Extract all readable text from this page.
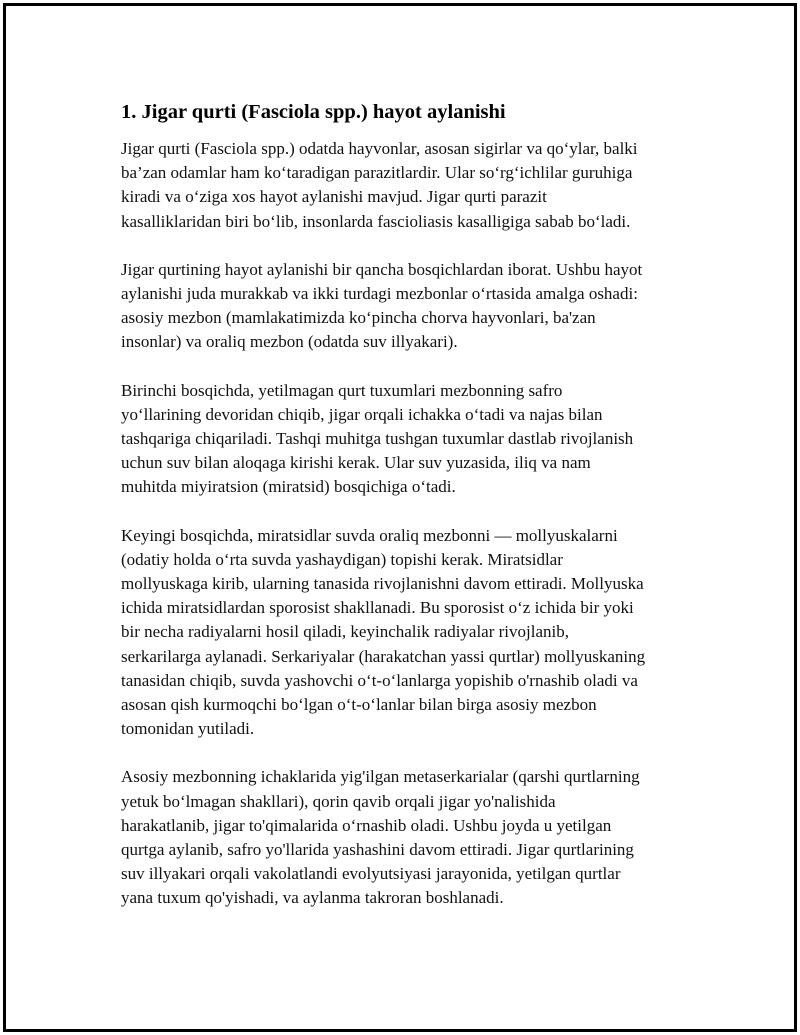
1. Jigar qurti (Fasciola spp.) hayot aylanishi

Jigar qurti (Fasciola spp.) odatda hayvonlar, asosan sigirlar va qo‘ylar, balki
ba’zan odamlar ham ko‘taradigan parazitlardir. Ular so‘rg‘ichlilar guruhiga
kiradi va o‘ziga xos hayot aylanishi mavjud. Jigar qurti parazit
kasalliklaridan biri bo‘lib, insonlarda fascioliasis kasalligiga sabab bo‘ladi.

Jigar qurtining hayot aylanishi bir qancha bosqichlardan iborat. Ushbu hayot
aylanishi juda murakkab va ikki turdagi mezbonlar o‘rtasida amalga oshadi:
asosiy mezbon (mamlakatimizda ko‘pincha chorva hayvonlari, ba'zan
insonlar) va oraliq mezbon (odatda suv illyakari).

Birinchi bosqichda, yetilmagan qurt tuxumlari mezbonning safro
yo‘llarining devoridan chiqib, jigar orqali ichakka o‘tadi va najas bilan
tashqariga chiqariladi. Tashqi muhitga tushgan tuxumlar dastlab rivojlanish
uchun suv bilan aloqaga kirishi kerak. Ular suv yuzasida, iliq va nam
muhitda miyiratsion (miratsid) bosqichiga o‘tadi.

Keyingi bosqichda, miratsidlar suvda oraliq mezbonni — mollyuskalarni
(odatiy holda o‘rta suvda yashaydigan) topishi kerak. Miratsidlar
mollyuskaga kirib, ularning tanasida rivojlanishni davom ettiradi. Mollyuska
ichida miratsidlardan sporosist shakllanadi. Bu sporosist o‘z ichida bir yoki
bir necha radiyalarni hosil qiladi, keyinchalik radiyalar rivojlanib,
serkarilarga aylanadi. Serkariyalar (harakatchan yassi qurtlar) mollyuskaning
tanasidan chiqib, suvda yashovchi o‘t-o‘lanlarga yopishib o'rnashib oladi va
asosan qish kurmoqchi bo‘lgan o‘t-o‘lanlar bilan birga asosiy mezbon
tomonidan yutiladi.

Asosiy mezbonning ichaklarida yig'ilgan metaserkarialar (qarshi qurtlarning
yetuk bo‘lmagan shakllari), qorin qavib orqali jigar yo'nalishida
harakatlanib, jigar to'qimalarida o‘rnashib oladi. Ushbu joyda u yetilgan
qurtga aylanib, safro yo'llarida yashashini davom ettiradi. Jigar qurtlarining
suv illyakari orqali vakolatlandi evolyutsiyasi jarayonida, yetilgan qurtlar
yana tuxum qo'yishadi, va aylanma takroran boshlanadi.
